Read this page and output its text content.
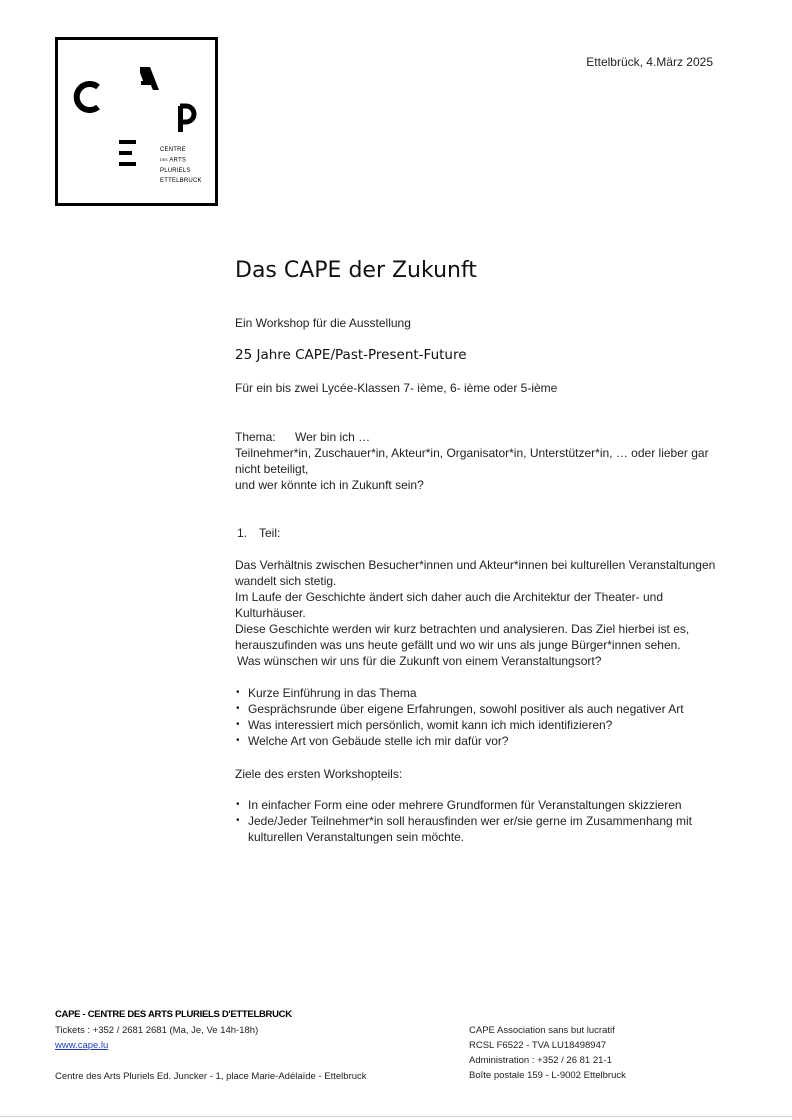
CENTRE
DES ARTS
PLURIELS
ETTELBRUCK
Ettelbrück, 4.März 2025
Das CAPE der Zukunft

Ein Workshop für die Ausstellung

25 Jahre CAPE/Past-Present-Future

Für ein bis zwei Lycée-Klassen 7- ième, 6- ième oder 5-ième

Thema: Wer bin ich …

Teilnehmer*in, Zuschauer*in, Akteur*in, Organisator*in, Unterstützer*in, … oder lieber gar nicht beteiligt,

und wer könnte ich in Zukunft sein?

1. Teil:

Das Verhältnis zwischen Besucher*innen und Akteur*innen bei kulturellen Veranstaltungen wandelt sich stetig.

Im Laufe der Geschichte ändert sich daher auch die Architektur der Theater- und Kulturhäuser.

Diese Geschichte werden wir kurz betrachten und analysieren. Das Ziel hierbei ist es, herauszufinden was uns heute gefällt und wo wir uns als junge Bürger*innen sehen.

Was wünschen wir uns für die Zukunft von einem Veranstaltungsort?

• Kurze Einführung in das Thema
• Gesprächsrunde über eigene Erfahrungen, sowohl positiver als auch negativer Art
• Was interessiert mich persönlich, womit kann ich mich identifizieren?
• Welche Art von Gebäude stelle ich mir dafür vor?

Ziele des ersten Workshopteils:

• In einfacher Form eine oder mehrere Grundformen für Veranstaltungen skizzieren
• Jede/Jeder Teilnehmer*in soll herausfinden wer er/sie gerne im Zusammenhang mit kulturellen Veranstaltungen sein möchte.
CAPE - CENTRE DES ARTS PLURIELS D'ETTELBRUCK
Tickets : +352 / 2681 2681 (Ma, Je, Ve 14h-18h)
www.cape.lu
Centre des Arts Pluriels Ed. Juncker - 1, place Marie-Adélaïde - Ettelbruck
CAPE Association sans but lucratif
RCSL F6522 - TVA LU18498947
Administration : +352 / 26 81 21-1
Boîte postale 159 - L-9002 Ettelbruck
